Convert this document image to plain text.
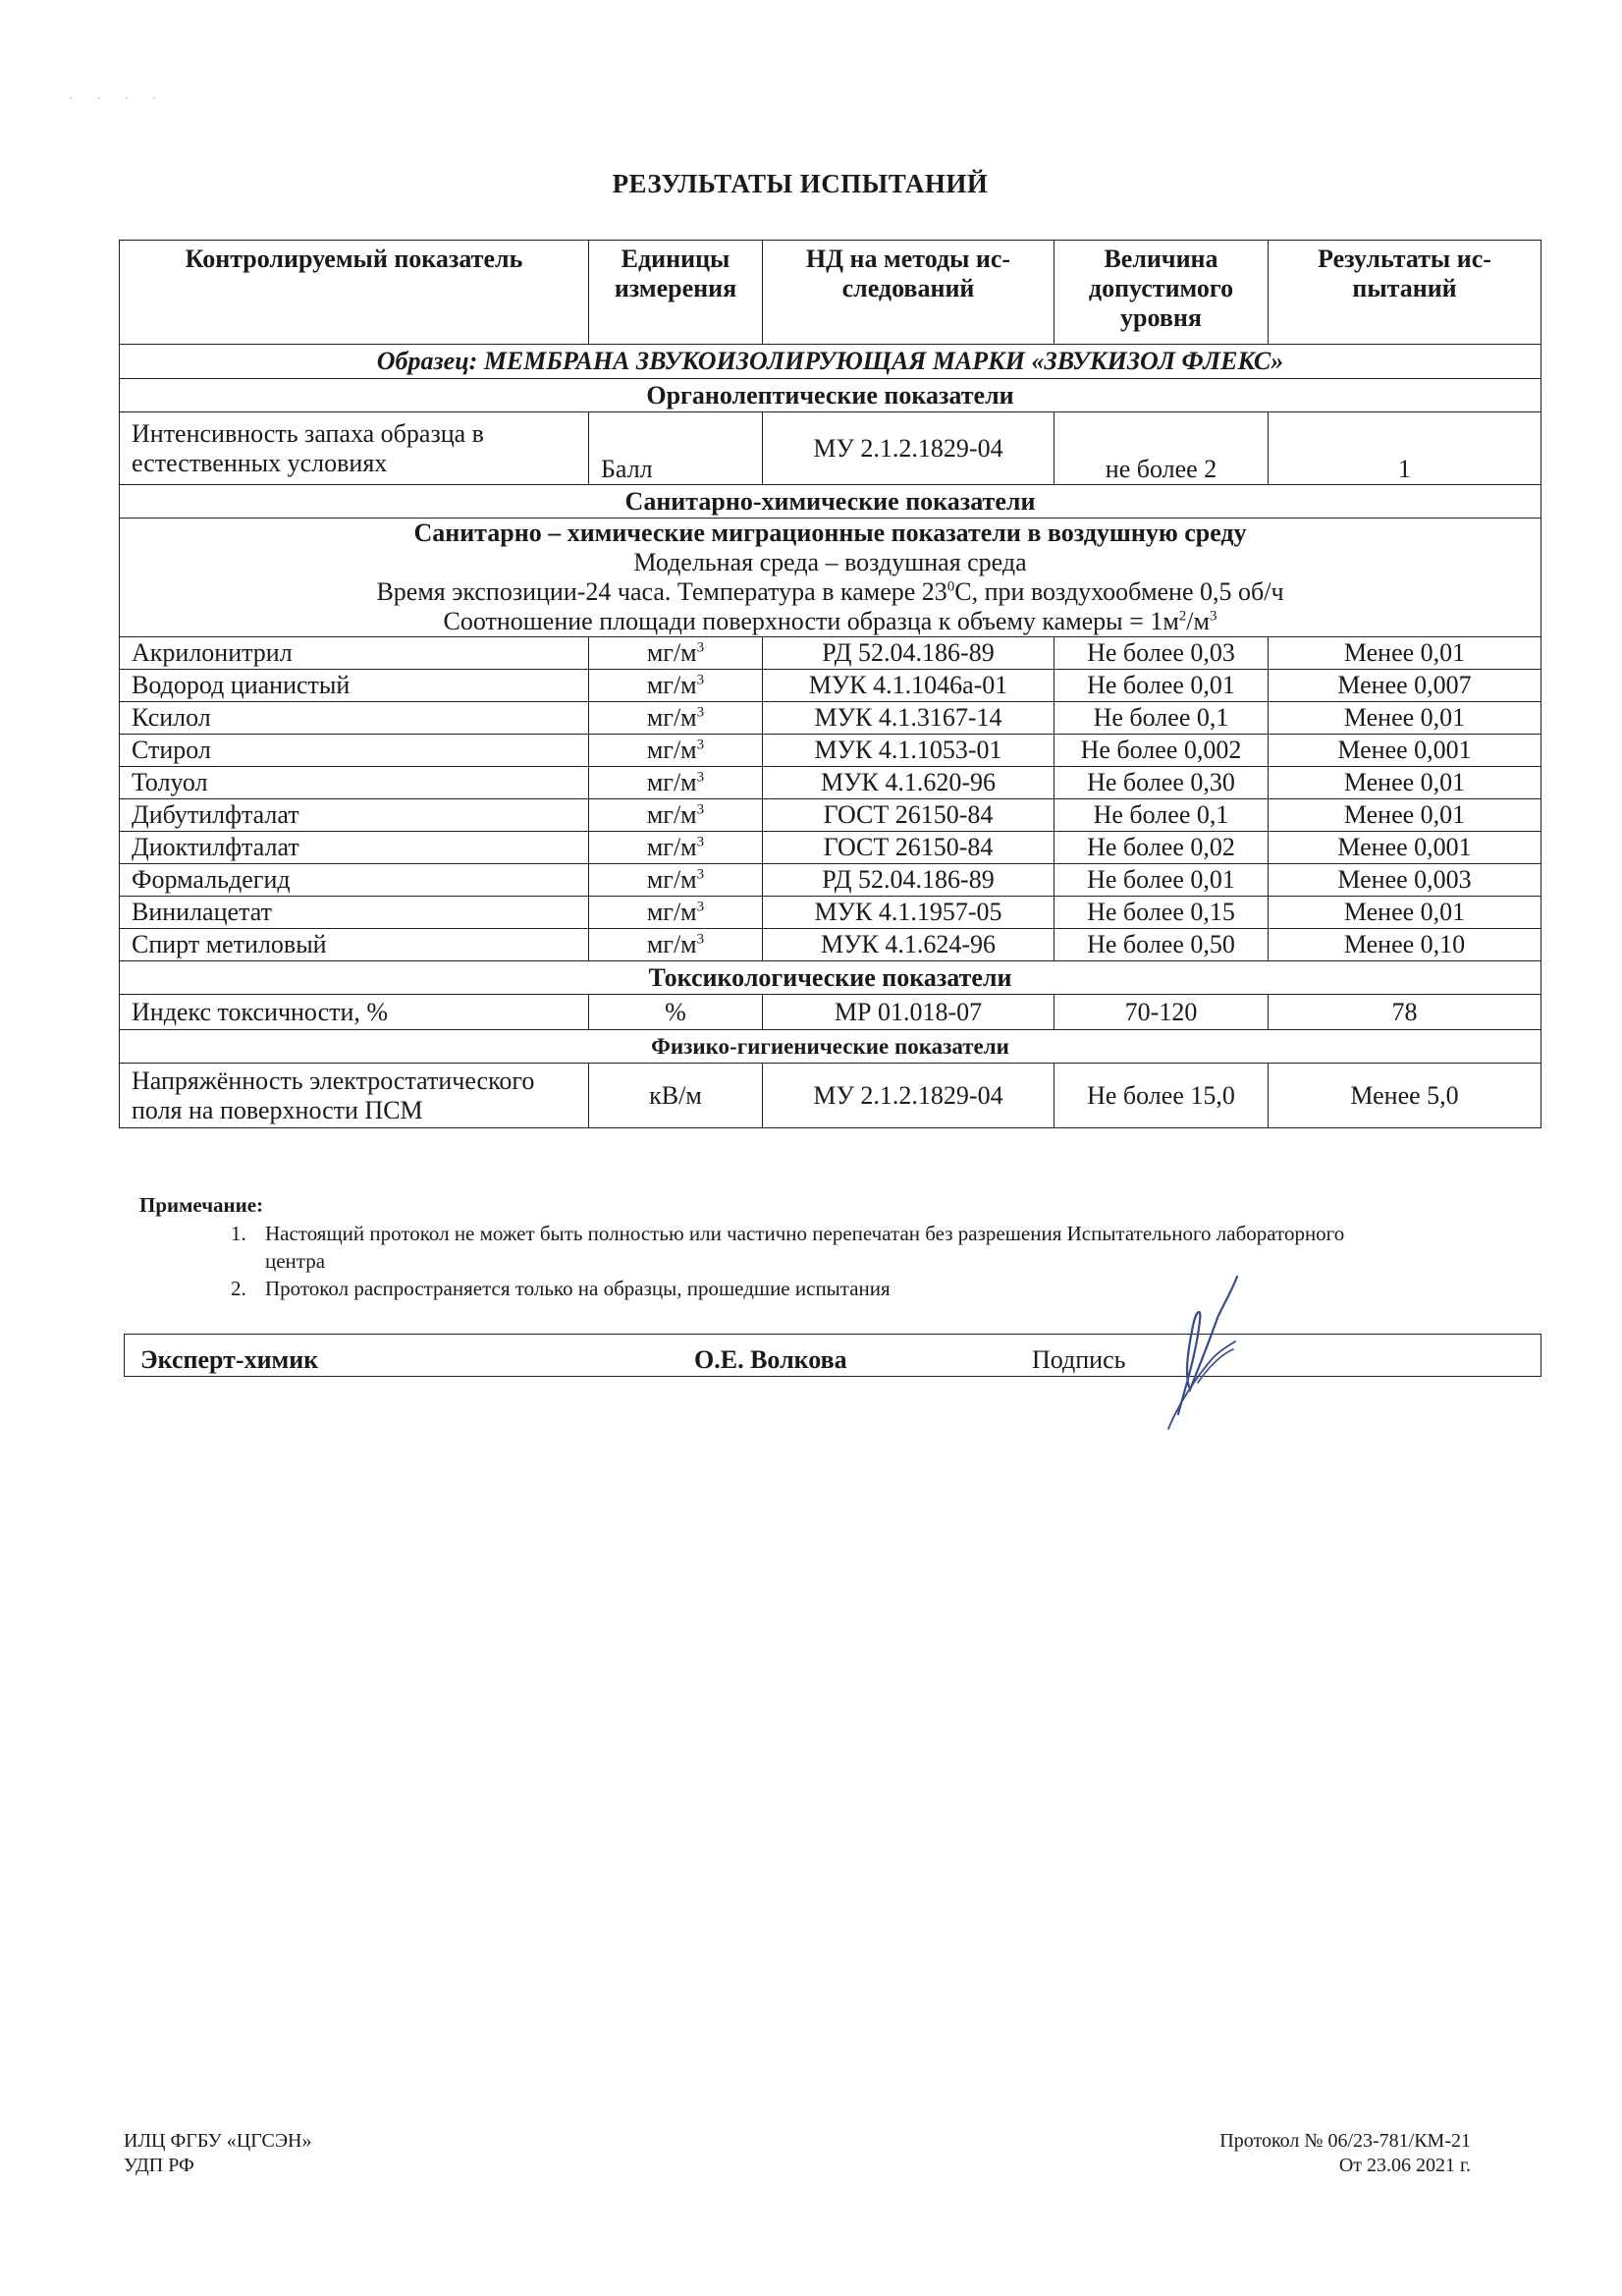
· · · ·
РЕЗУЛЬТАТЫ ИСПЫТАНИЙ
Контролируемый показатель	Единицы измерения	НД на методы ис-следований	Величина допустимого уровня	Результаты ис-пытаний
Образец: МЕМБРАНА ЗВУКОИЗОЛИРУЮЩАЯ МАРКИ «ЗВУКИЗОЛ ФЛЕКС»				
Органолептические показатели				
Интенсивность запаха образца в естественных условиях	Балл	МУ 2.1.2.1829-04	не более 2	1
Санитарно-химические показатели				

Санитарно – химические миграционные показатели в воздушную среду
Модельная среда – воздушная среда
Время экспозиции-24 часа. Температура в камере $23^0С$, при воздухообмене 0,5 об/ч
Соотношение площади поверхности образца к объему камеры = $1м^2/м^3$

Акрилонитрил	$мг/м^3$	РД 52.04.186-89	Не более 0,03	Менее 0,01
Водород цианистый	$мг/м^3$	МУК 4.1.1046а-01	Не более 0,01	Менее 0,007
Ксилол	$мг/м^3$	МУК 4.1.3167-14	Не более 0,1	Менее 0,01
Стирол	$мг/м^3$	МУК 4.1.1053-01	Не более 0,002	Менее 0,001
Толуол	$мг/м^3$	МУК 4.1.620-96	Не более 0,30	Менее 0,01
Дибутилфталат	$мг/м^3$	ГОСТ 26150-84	Не более 0,1	Менее 0,01
Диоктилфталат	$мг/м^3$	ГОСТ 26150-84	Не более 0,02	Менее 0,001
Формальдегид	$мг/м^3$	РД 52.04.186-89	Не более 0,01	Менее 0,003
Винилацетат	$мг/м^3$	МУК 4.1.1957-05	Не более 0,15	Менее 0,01
Спирт метиловый	$мг/м^3$	МУК 4.1.624-96	Не более 0,50	Менее 0,10
Токсикологические показатели				
Индекс токсичности, %	%	МР 01.018-07	70-120	78
Физико-гигиенические показатели				
Напряжённость электростатического поля на поверхности ПСМ	кВ/м	МУ 2.1.2.1829-04	Не более 15,0	Менее 5,0
Примечание:
1. Настоящий протокол не может быть полностью или частично перепечатан без разрешения Испытательного лабораторного центра
2. Протокол распространяется только на образцы, прошедшие испытания
Эксперт-химик	О.Е. Волкова	Подпись
ИЛЦ ФГБУ «ЦГСЭН»
УДП РФ
Протокол № 06/23-781/КМ-21
От 23.06 2021 г.
